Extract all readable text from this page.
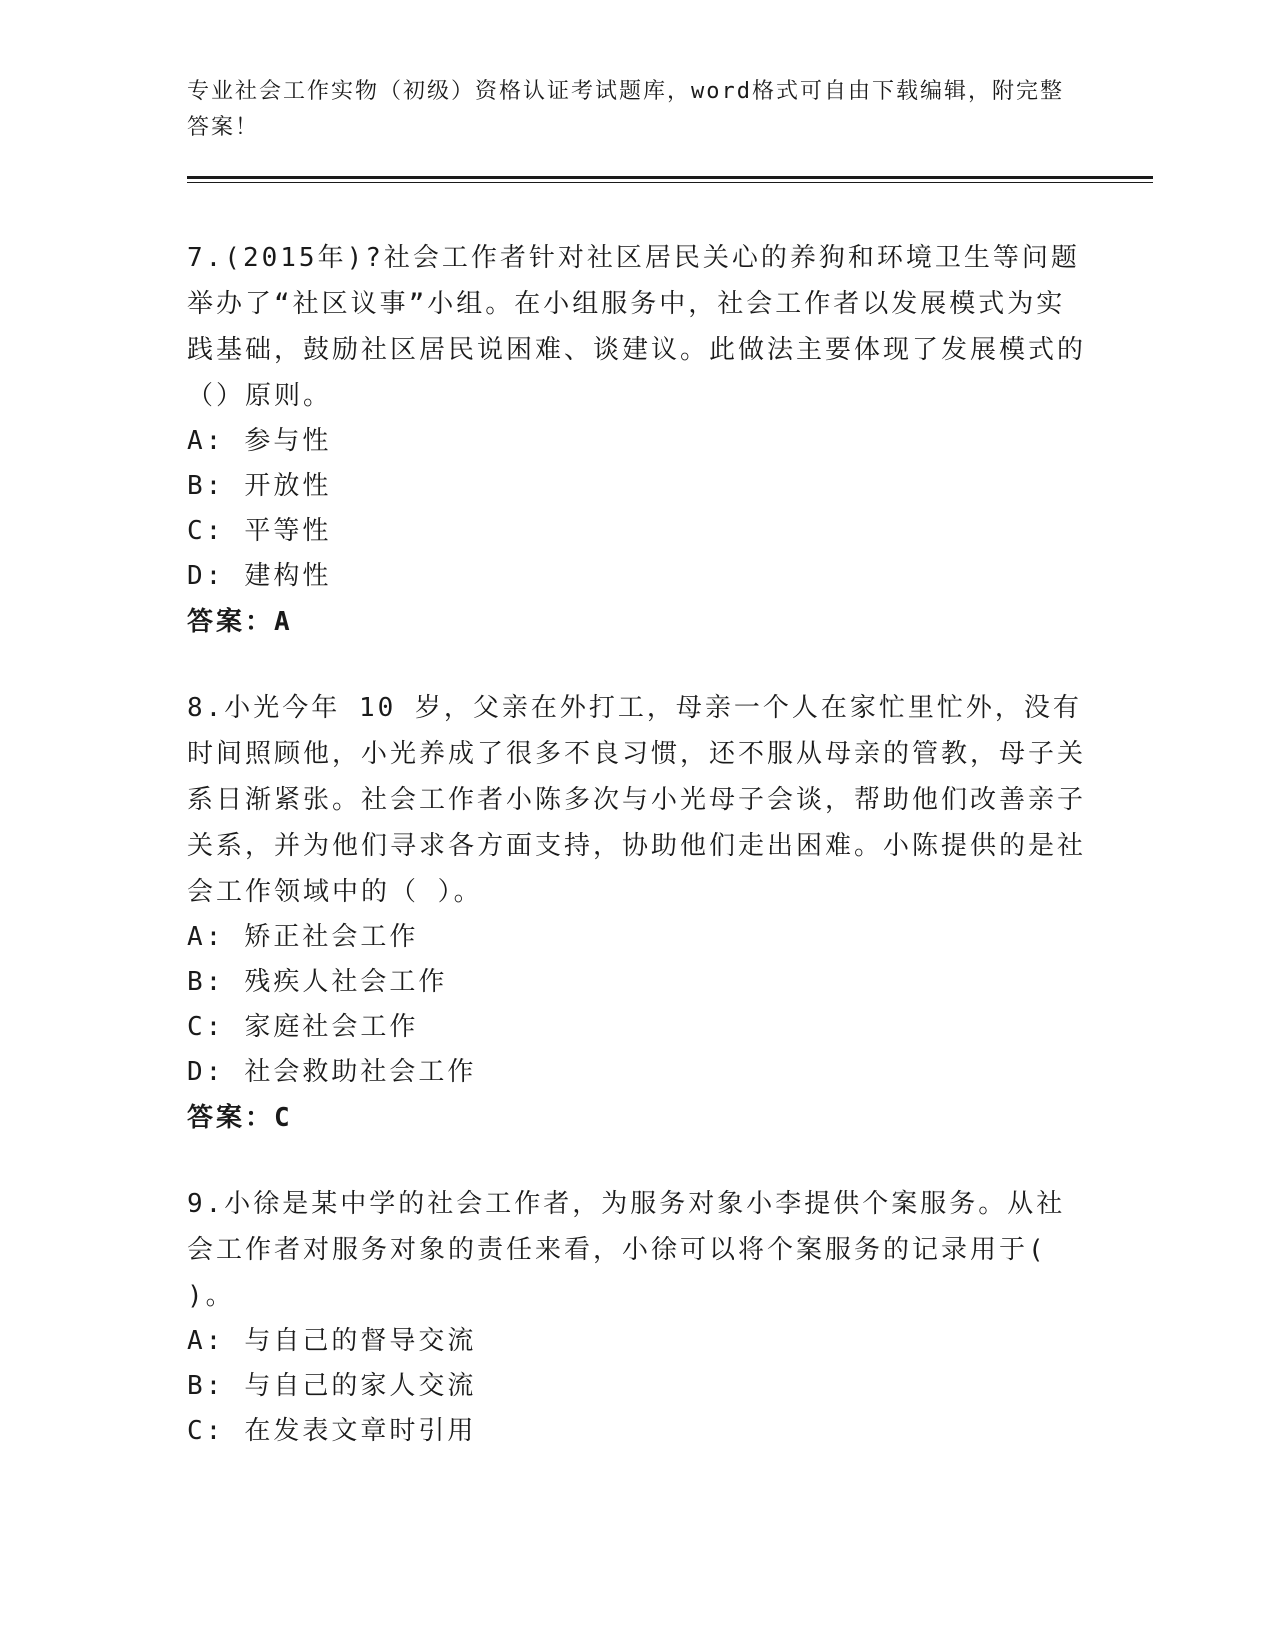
专业社会工作实物（初级）资格认证考试题库，word格式可自由下载编辑，附完整答案！
7.(2015年)?社会工作者针对社区居民关心的养狗和环境卫生等问题举办了“社区议事”小组。在小组服务中，社会工作者以发展模式为实践基础，鼓励社区居民说困难、谈建议。此做法主要体现了发展模式的（）原则。
A: 参与性
B: 开放性
C: 平等性
D: 建构性
答案：A
8.小光今年 10 岁，父亲在外打工，母亲一个人在家忙里忙外，没有时间照顾他，小光养成了很多不良习惯，还不服从母亲的管教，母子关系日渐紧张。社会工作者小陈多次与小光母子会谈，帮助他们改善亲子关系，并为他们寻求各方面支持，协助他们走出困难。小陈提供的是社会工作领域中的（ ）。
A: 矫正社会工作
B: 残疾人社会工作
C: 家庭社会工作
D: 社会救助社会工作
答案：C
9.小徐是某中学的社会工作者，为服务对象小李提供个案服务。从社会工作者对服务对象的责任来看，小徐可以将个案服务的记录用于( )。
A: 与自己的督导交流
B: 与自己的家人交流
C: 在发表文章时引用
